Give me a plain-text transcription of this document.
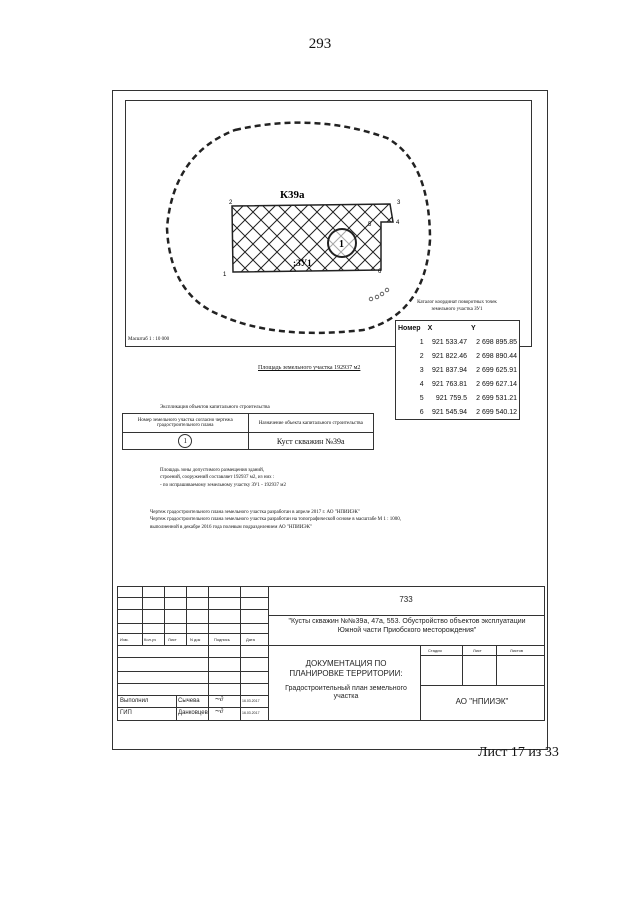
293
1
К39а
:ЗУ1
1
2	3
4
5
6
Масштаб 1 : 10 000
Каталог координат поворотных точек земельного участка ЗУ1
Номер	X	Y
1	921 533.47	2 698 895.85
2	921 822.46	2 698 890.44
3	921 837.94	2 699 625.91
4	921 763.81	2 699 627.14
5	921 759.5	2 699 531.21
6	921 545.94	2 699 540.12
Площадь земельного участка 192937 м2
Экспликация объектов капитального строительства
Номер земельного участка согласно чертежа градостроительного плана	Назначение объекта капитального строительства
1	Куст скважин №39а
Площадь зоны допустимого размещения зданий,
строений, сооружений составляет 192937 м2, из них :
- по испрашиваемому земельному участку ЗУ1 - 192937 м2
Чертеж градостроительного плана земельного участка разработан в апреле 2017 г. АО "НПИИЭК"
Чертеж градостроительного плана земельного участка разработан на топографической основе в масштабе М 1 : 1000,
выполненной в декабре 2016 года полевым подразделением АО "НПИИЭК"
733
"Кусты скважин №№39а, 47а, 553. Обустройство объектов эксплуатации Южной части Приобского месторождения"
Изм.	Кол.уч	Лист	N док	Подпись	Дата
ДОКУМЕНТАЦИЯ ПО ПЛАНИРОВКЕ ТЕРРИТОРИИ:
Градостроительный план земельного участка
Стадия	Лист	Листов
АО "НПИИЭК"
Выполнил	Сычева ∼∂	16.03.2017
ГИП	Данковцев ∼∂	16.03.2017
Лист 17 из 33
